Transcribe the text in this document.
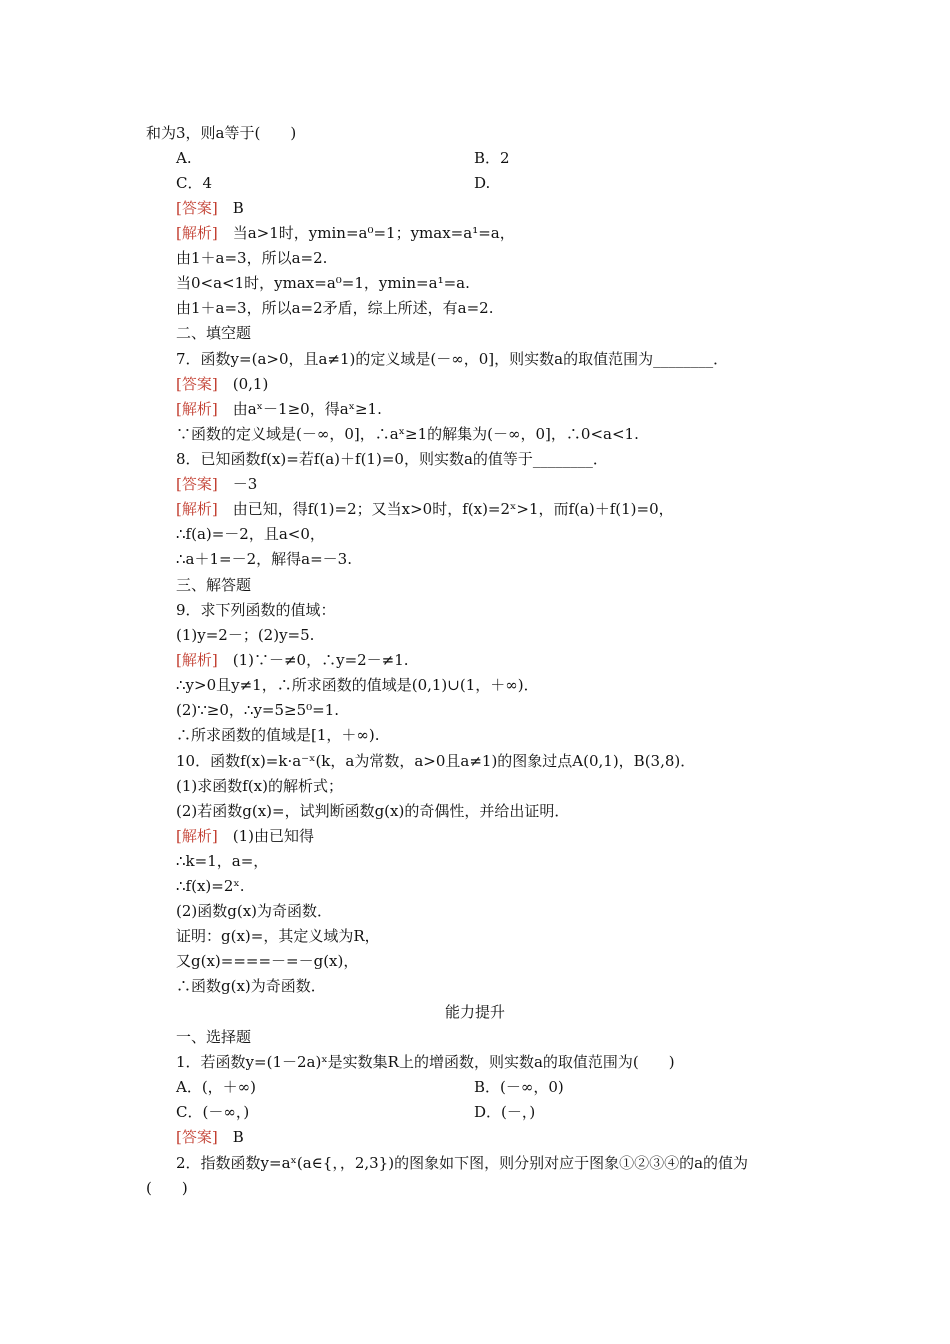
和为3，则a等于(　　)
A.	B．2
C．4	D.
[答案]　 B
[解析]　 当a>1时，ymin=a⁰=1；ymax=a¹=a，
由1＋a=3，所以a=2.
当0<a<1时，ymax=a⁰=1，ymin=a¹=a.
由1＋a=3，所以a=2矛盾，综上所述，有a=2.
二、填空题
7．函数y=(a>0，且a≠1)的定义域是(－∞，0]，则实数a的取值范围为________．
[答案]　 (0,1)
[解析]　 由aˣ－1≥0，得aˣ≥1.
∵函数的定义域是(－∞，0]，∴aˣ≥1的解集为(－∞，0]，∴0<a<1.
8．已知函数f(x)=若f(a)＋f(1)=0，则实数a的值等于________．
[答案]　 －3
[解析]　 由已知，得f(1)=2；又当x>0时，f(x)=2ˣ>1，而f(a)＋f(1)=0，
∴f(a)=－2，且a<0，
∴a＋1=－2，解得a=－3.
三、解答题
9．求下列函数的值域：
(1)y=2－；(2)y=5.
[解析]　 (1)∵－≠0，∴y=2－≠1.
∴y>0且y≠1，∴所求函数的值域是(0,1)∪(1，＋∞)．
(2)∵≥0，∴y=5≥5⁰=1.
∴所求函数的值域是[1，＋∞).
10．函数f(x)=k·a⁻ˣ(k，a为常数，a>0且a≠1)的图象过点A(0,1)，B(3,8)．
(1)求函数f(x)的解析式；
(2)若函数g(x)=，试判断函数g(x)的奇偶性，并给出证明．
[解析]　 (1)由已知得
∴k=1，a=，
∴f(x)=2ˣ.
(2)函数g(x)为奇函数．
证明：g(x)=，其定义域为R，
又g(x)====－=－g(x)，
∴函数g(x)为奇函数．
能力提升
一、选择题
1．若函数y=(1－2a)ˣ是实数集R上的增函数，则实数a的取值范围为(　　)
A．(，＋∞)	B．(－∞，0)
C．(－∞，)	D．(－，)
[答案]　 B
2．指数函数y=aˣ(a∈{，，2,3})的图象如下图，则分别对应于图象①②③④的a的值为
(　　)
